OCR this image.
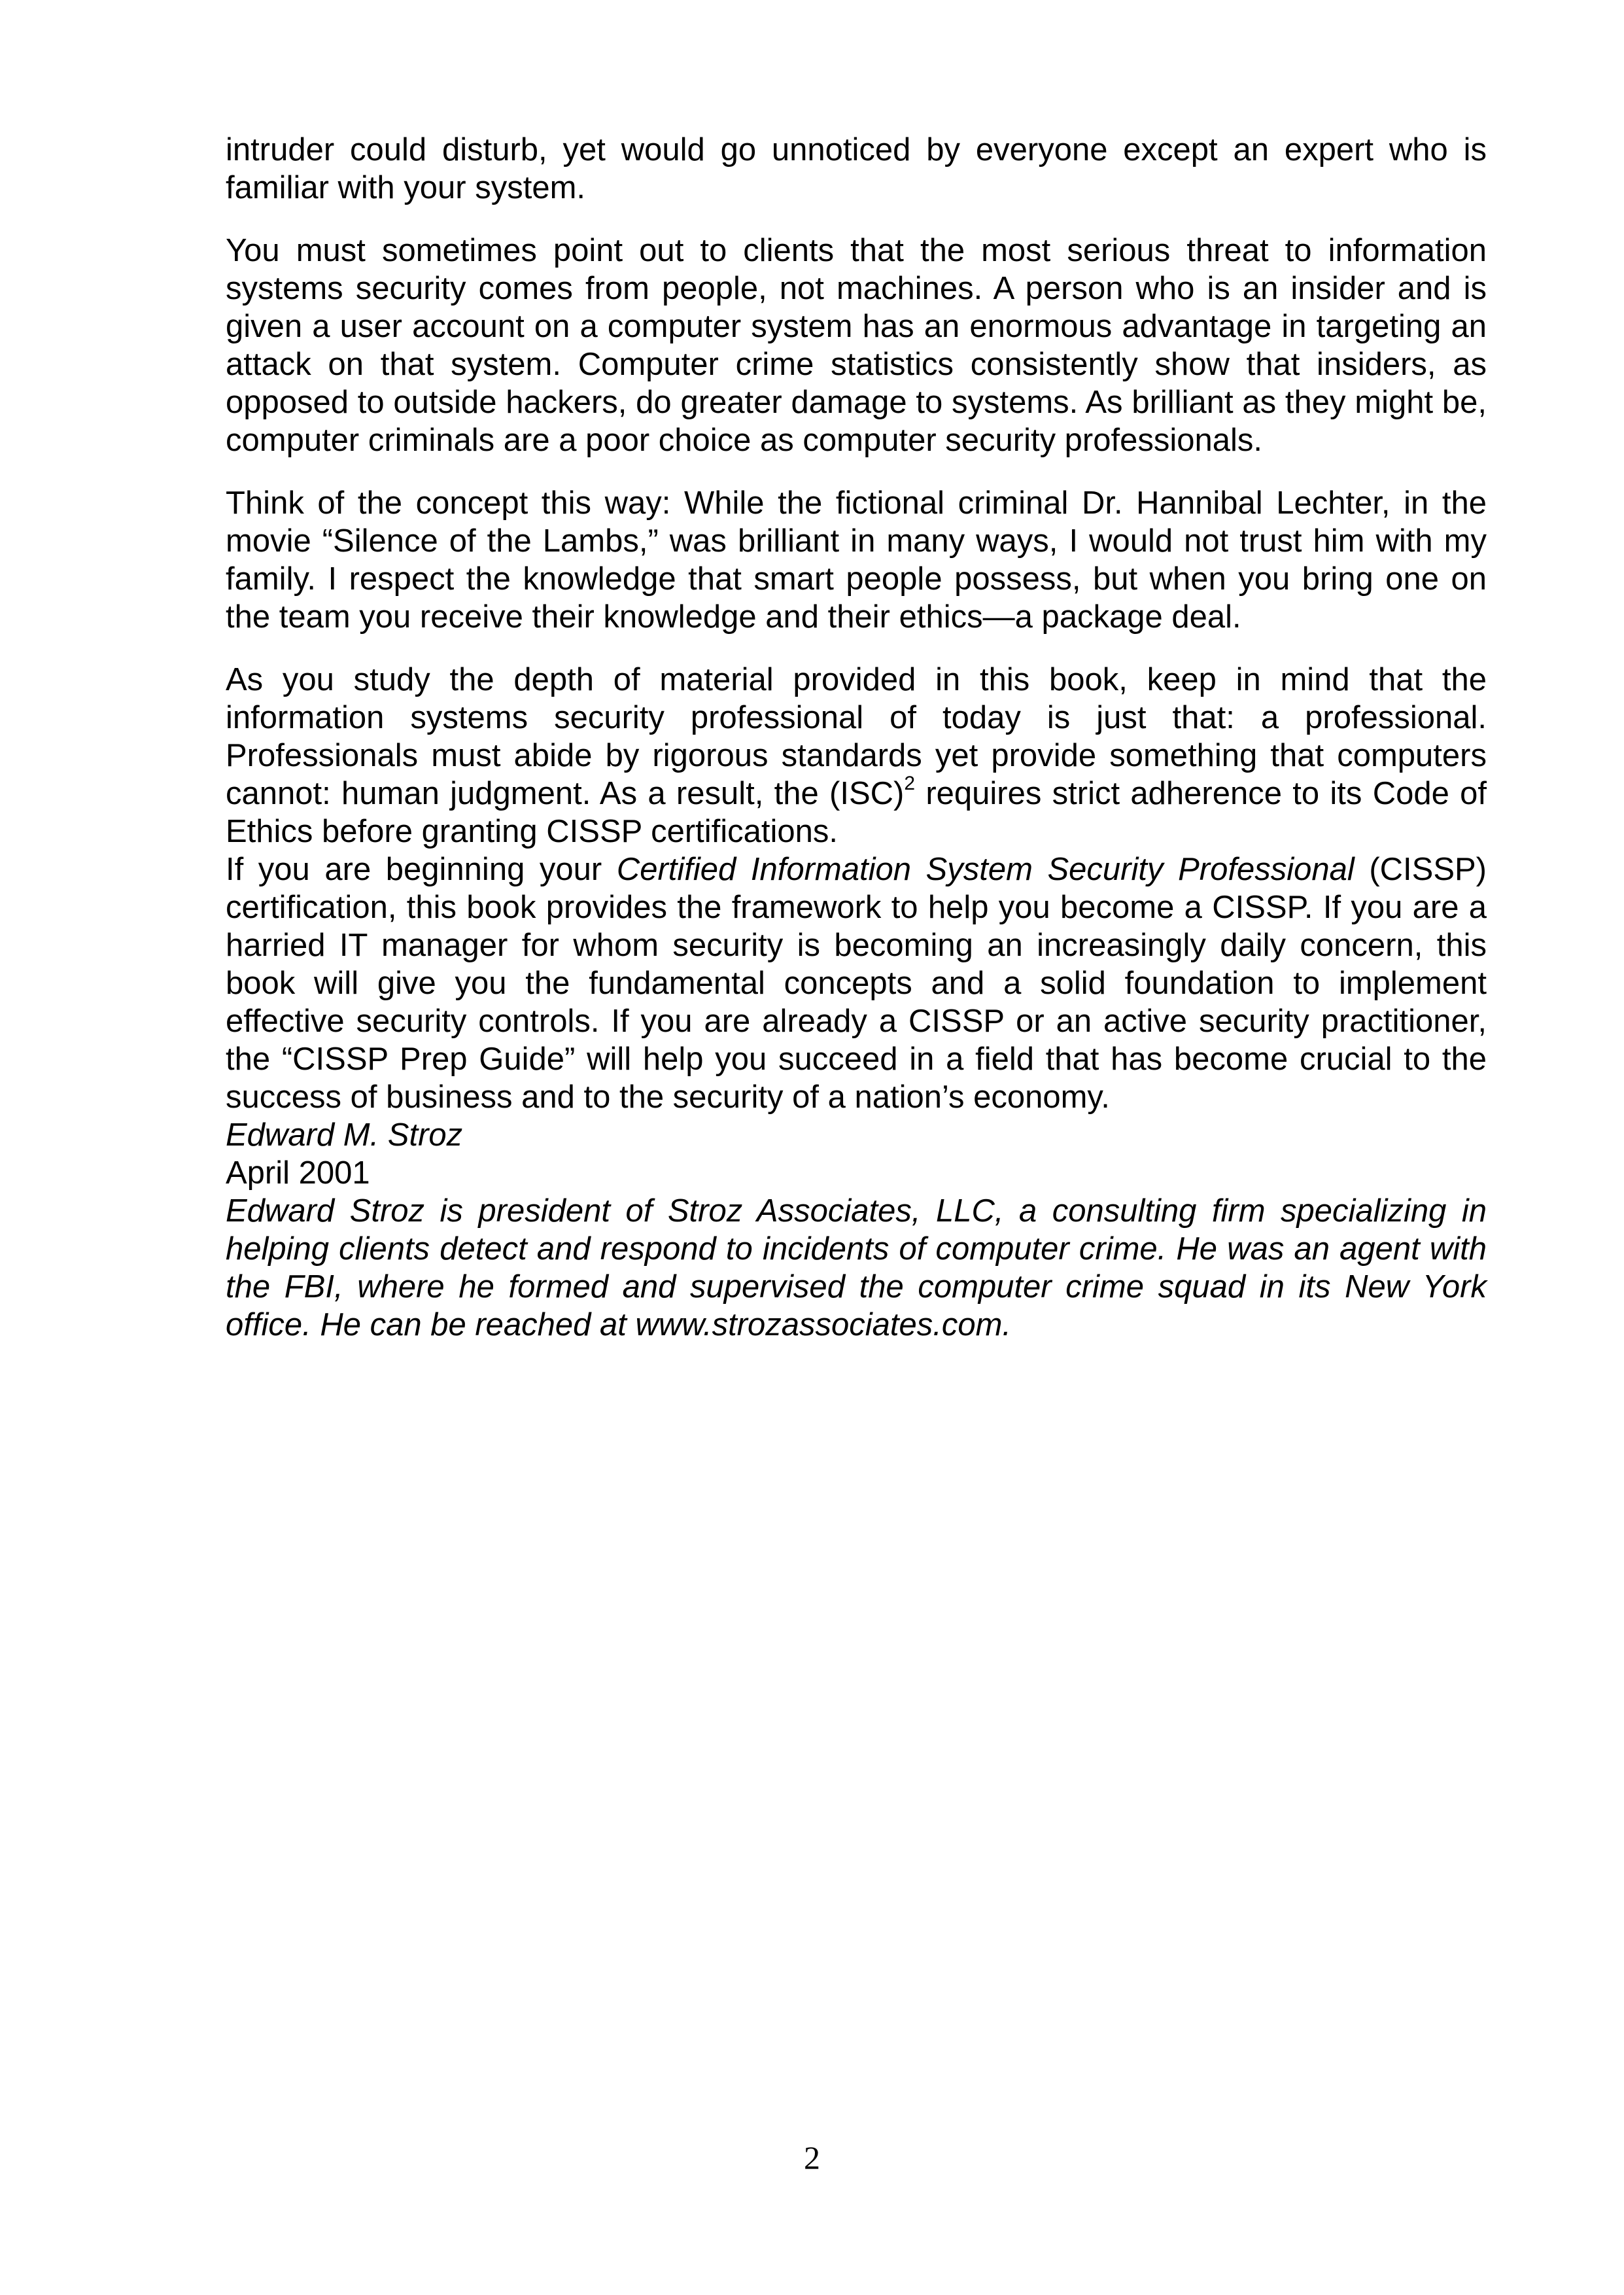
intruder could disturb, yet would go unnoticed by everyone except an expert who is familiar with your system.

You must sometimes point out to clients that the most serious threat to information systems security comes from people, not machines. A person who is an insider and is given a user account on a computer system has an enormous advantage in targeting an attack on that system. Computer crime statistics consistently show that insiders, as opposed to outside hackers, do greater damage to systems. As brilliant as they might be, computer criminals are a poor choice as computer security professionals.

Think of the concept this way: While the fictional criminal Dr. Hannibal Lechter, in the movie “Silence of the Lambs,” was brilliant in many ways, I would not trust him with my family. I respect the knowledge that smart people possess, but when you bring one on the team you receive their knowledge and their ethics—a package deal.

As you study the depth of material provided in this book, keep in mind that the information systems security professional of today is just that: a professional. Professionals must abide by rigorous standards yet provide something that computers cannot: human judgment. As a result, the (ISC)$^2$ requires strict adherence to its Code of Ethics before granting CISSP certifications.

If you are beginning your Certified Information System Security Professional (CISSP) certification, this book provides the framework to help you become a CISSP. If you are a harried IT manager for whom security is becoming an increasingly daily concern, this book will give you the fundamental concepts and a solid foundation to implement effective security controls. If you are already a CISSP or an active security practitioner, the “CISSP Prep Guide” will help you succeed in a field that has become crucial to the success of business and to the security of a nation’s economy.

Edward M. Stroz

April 2001

Edward Stroz is president of Stroz Associates, LLC, a consulting firm specializing in helping clients detect and respond to incidents of computer crime. He was an agent with the FBI, where he formed and supervised the computer crime squad in its New York office. He can be reached at www.strozassociates.com.

2
